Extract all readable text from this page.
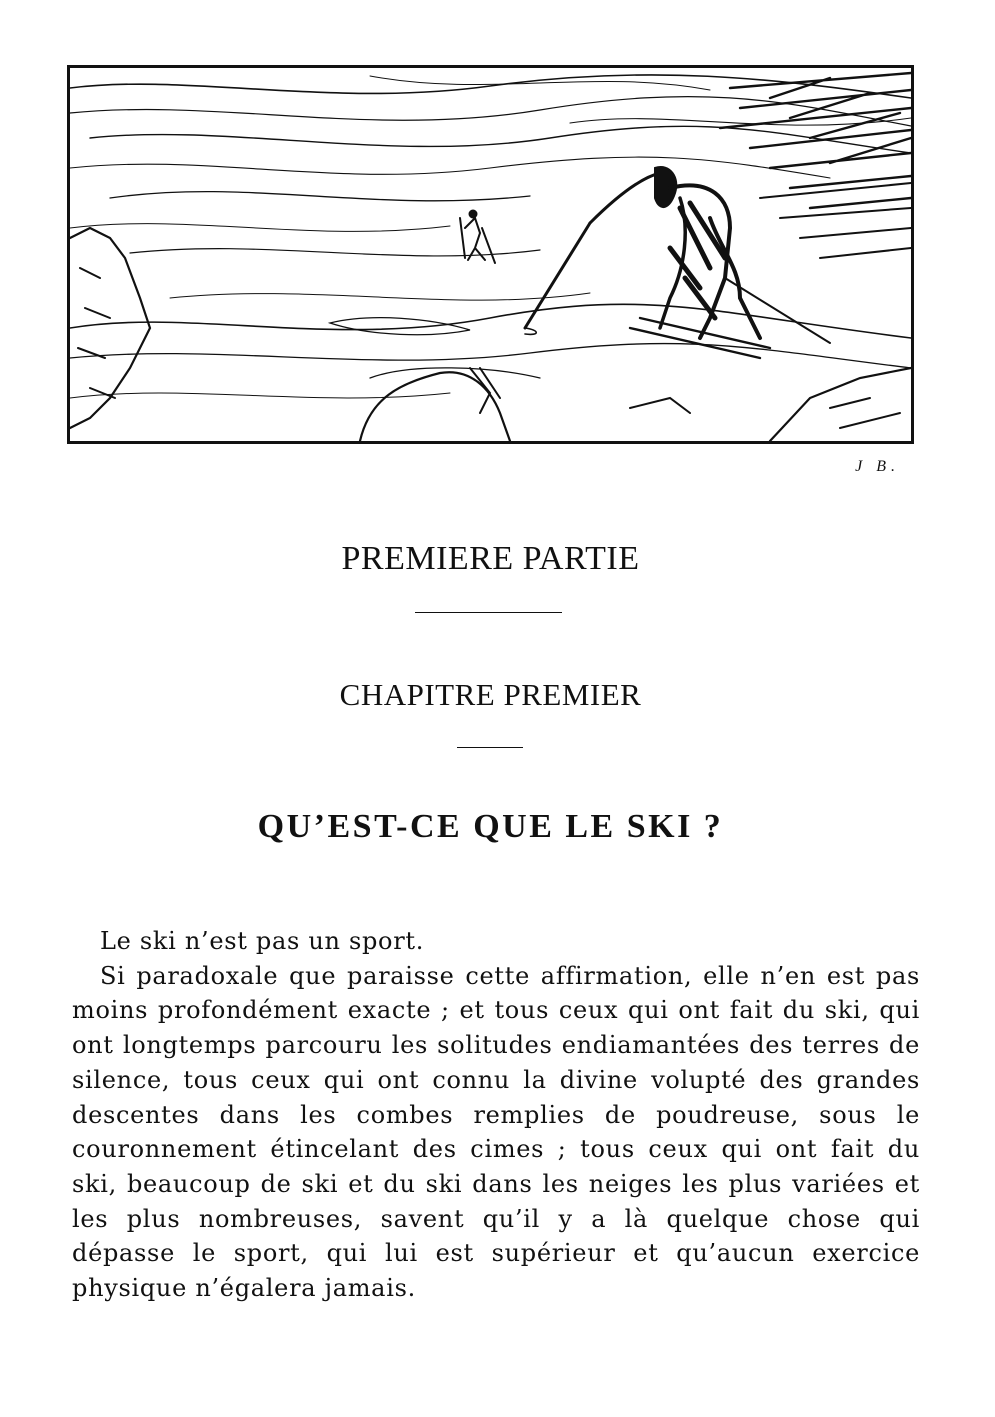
J B.
PREMIERE PARTIE
CHAPITRE PREMIER
QU’EST-CE QUE LE SKI ?

Le ski n’est pas un sport.

Si paradoxale que paraisse cette affirmation, elle n’en est pas moins profondément exacte ; et tous ceux qui ont fait du ski, qui ont longtemps parcouru les solitudes endiamantées des terres de silence, tous ceux qui ont connu la divine volupté des grandes descentes dans les combes remplies de poudreuse, sous le couronnement étincelant des cimes ; tous ceux qui ont fait du ski, beaucoup de ski et du ski dans les neiges les plus variées et les plus nombreuses, savent qu’il y a là quelque chose qui dépasse le sport, qui lui est supérieur et qu’aucun exercice physique n’égalera jamais.
